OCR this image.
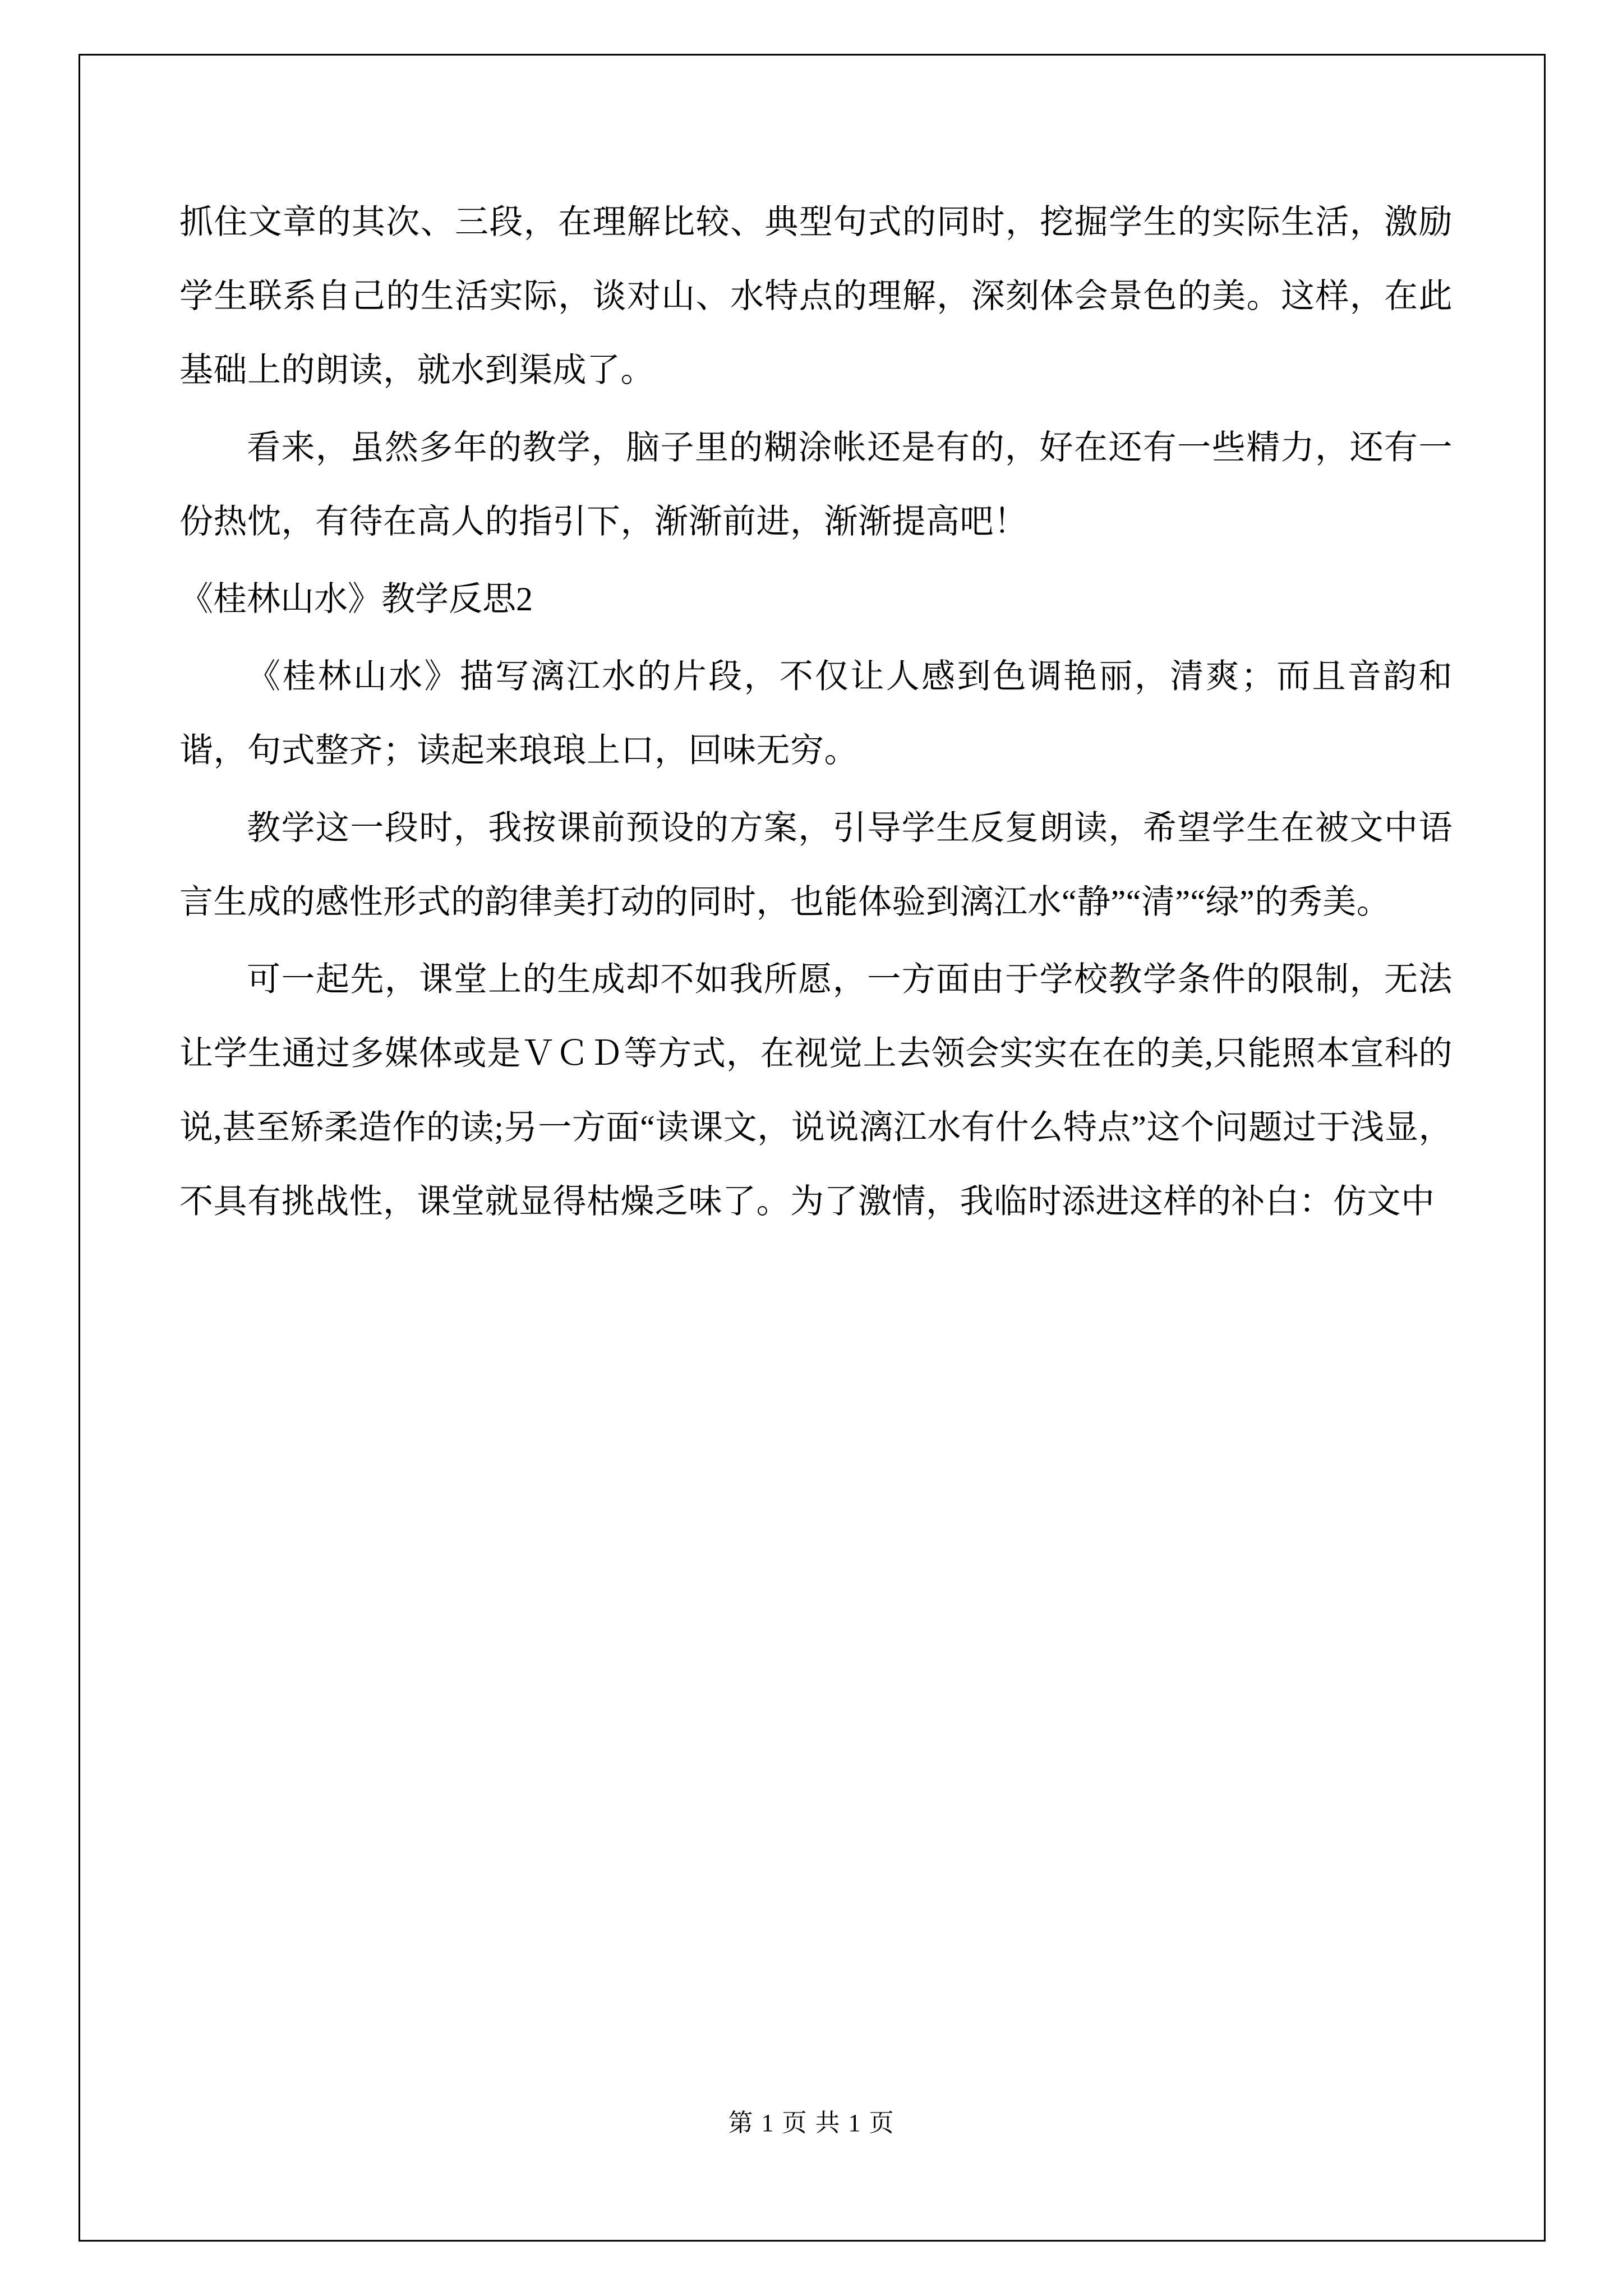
抓住文章的其次、三段，在理解比较、典型句式的同时，挖掘学生的实际生活，激励学生联系自己的生活实际，谈对山、水特点的理解，深刻体会景色的美。这样，在此基础上的朗读，就水到渠成了。

看来，虽然多年的教学，脑子里的糊涂帐还是有的，好在还有一些精力，还有一份热忱，有待在高人的指引下，渐渐前进，渐渐提高吧！

《桂林山水》教学反思2

《桂林山水》描写漓江水的片段，不仅让人感到色调艳丽，清爽；而且音韵和谐，句式整齐；读起来琅琅上口，回味无穷。

教学这一段时，我按课前预设的方案，引导学生反复朗读，希望学生在被文中语言生成的感性形式的韵律美打动的同时，也能体验到漓江水“静”“清”“绿”的秀美。

可一起先，课堂上的生成却不如我所愿，一方面由于学校教学条件的限制，无法让学生通过多媒体或是ＶＣＤ等方式，在视觉上去领会实实在在的美,只能照本宣科的说,甚至矫柔造作的读;另一方面“读课文，说说漓江水有什么特点”这个问题过于浅显，不具有挑战性，课堂就显得枯燥乏味了。为了激情，我临时添进这样的补白：仿文中

第 1 页 共 1 页
